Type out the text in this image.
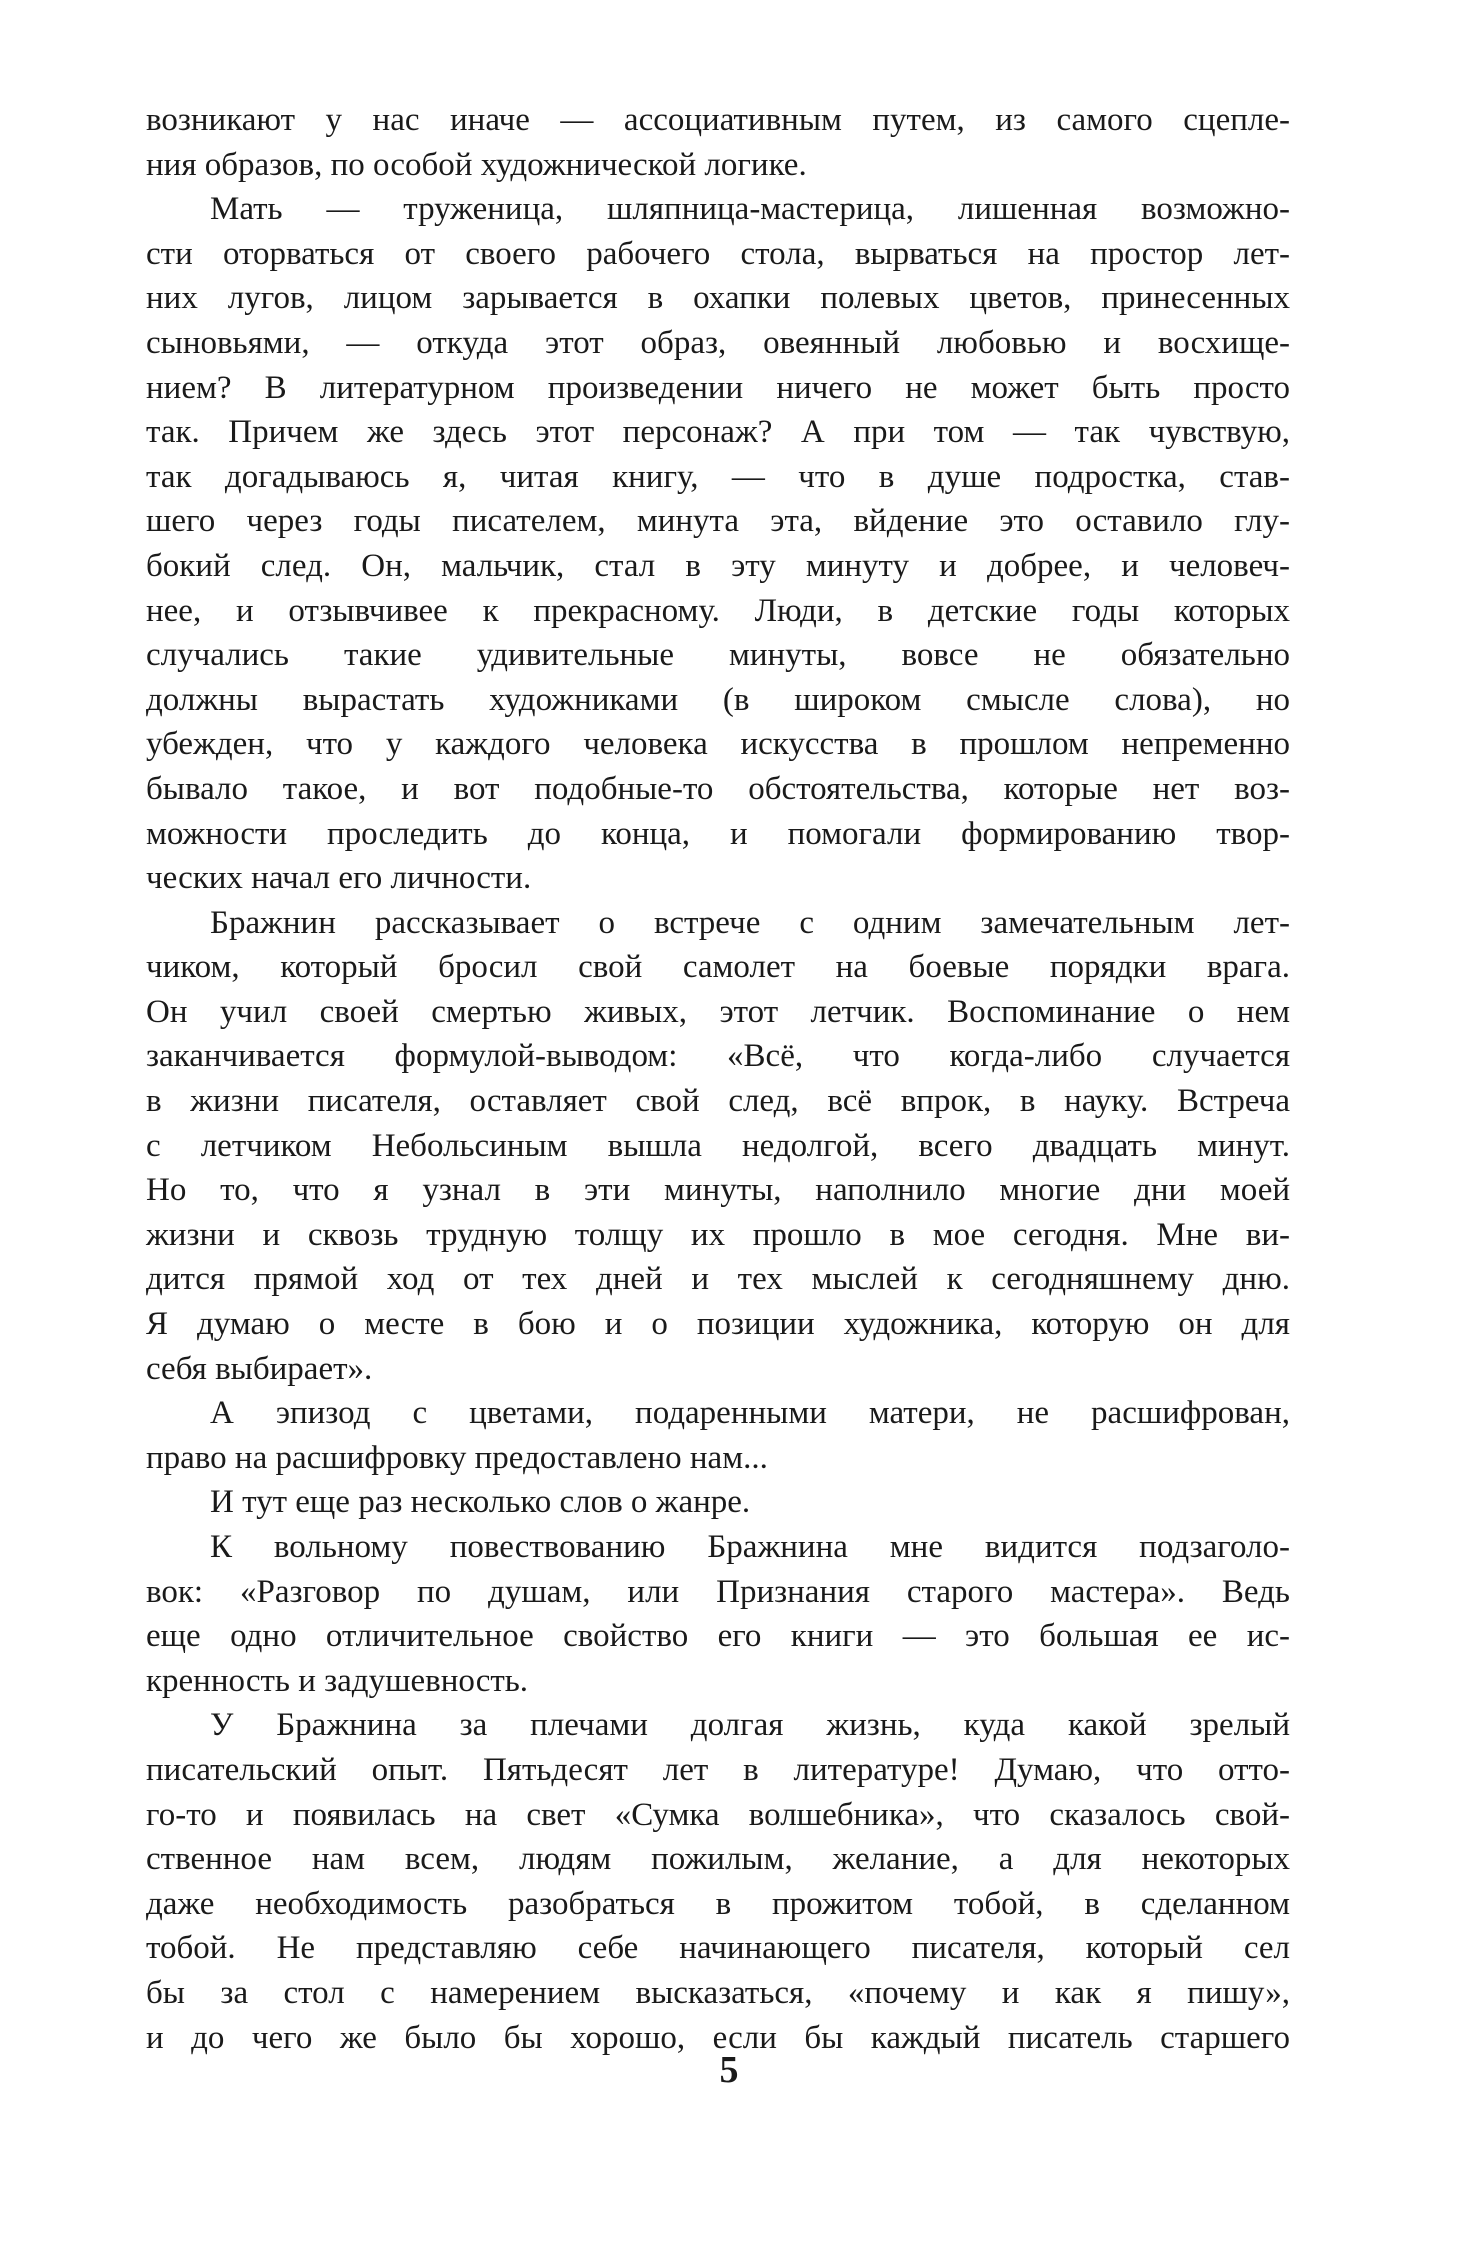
возникают у нас иначе — ассоциативным путем, из самого сцепле-
ния образов, по особой художнической логике.
Мать — труженица, шляпница-мастерица, лишенная возможно-
сти оторваться от своего рабочего стола, вырваться на простор лет-
них лугов, лицом зарывается в охапки полевых цветов, принесенных
сыновьями, — откуда этот образ, овеянный любовью и восхище-
нием? В литературном произведении ничего не может быть просто
так. Причем же здесь этот персонаж? А при том — так чувствую,
так догадываюсь я, читая книгу, — что в душе подростка, став-
шего через годы писателем, минута эта, вйдение это оставило глу-
бокий след. Он, мальчик, стал в эту минуту и добрее, и человеч-
нее, и отзывчивее к прекрасному. Люди, в детские годы которых
случались такие удивительные минуты, вовсе не обязательно
должны вырастать художниками (в широком смысле слова), но
убежден, что у каждого человека искусства в прошлом непременно
бывало такое, и вот подобные-то обстоятельства, которые нет воз-
можности проследить до конца, и помогали формированию твор-
ческих начал его личности.
Бражнин рассказывает о встрече с одним замечательным лет-
чиком, который бросил свой самолет на боевые порядки врага.
Он учил своей смертью живых, этот летчик. Воспоминание о нем
заканчивается формулой-выводом: «Всё, что когда-либо случается
в жизни писателя, оставляет свой след, всё впрок, в науку. Встреча
с летчиком Небольсиным вышла недолгой, всего двадцать минут.
Но то, что я узнал в эти минуты, наполнило многие дни моей
жизни и сквозь трудную толщу их прошло в мое сегодня. Мне ви-
дится прямой ход от тех дней и тех мыслей к сегодняшнему дню.
Я думаю о месте в бою и о позиции художника, которую он для
себя выбирает».
А эпизод с цветами, подаренными матери, не расшифрован,
право на расшифровку предоставлено нам...
И тут еще раз несколько слов о жанре.
К вольному повествованию Бражнина мне видится подзаголо-
вок: «Разговор по душам, или Признания старого мастера». Ведь
еще одно отличительное свойство его книги — это большая ее ис-
кренность и задушевность.
У Бражнина за плечами долгая жизнь, куда какой зрелый
писательский опыт. Пятьдесят лет в литературе! Думаю, что отто-
го-то и появилась на свет «Сумка волшебника», что сказалось свой-
ственное нам всем, людям пожилым, желание, а для некоторых
даже необходимость разобраться в прожитом тобой, в сделанном
тобой. Не представляю себе начинающего писателя, который сел
бы за стол с намерением высказаться, «почему и как я пишу»,
и до чего же было бы хорошо, если бы каждый писатель старшего
5
